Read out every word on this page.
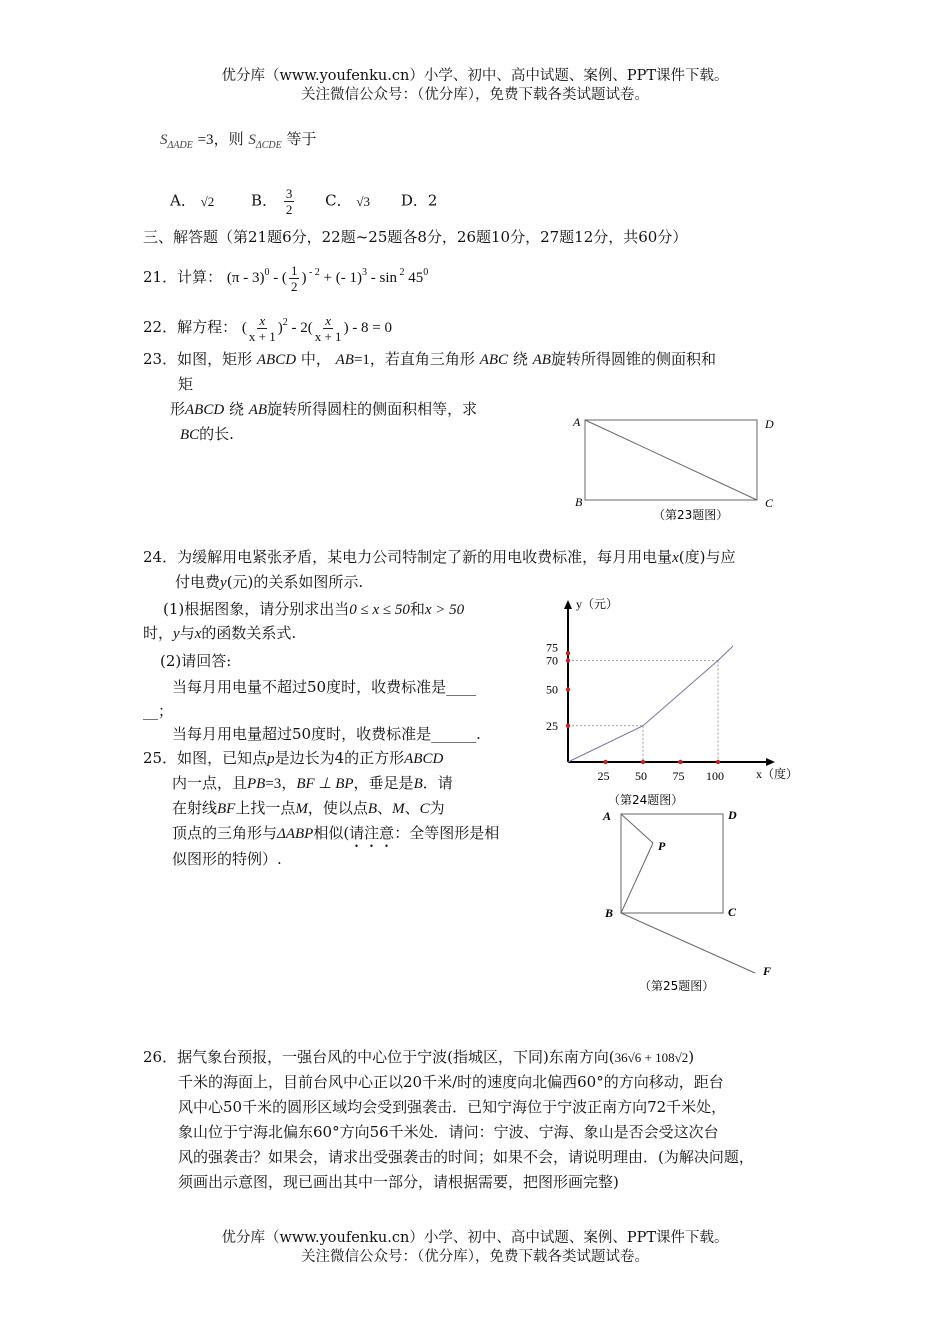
优分库（www.youfenku.cn）小学、初中、高中试题、案例、PPT课件下载。
关注微信公众号：（优分库），免费下载各类试题试卷。
$S_{\Delta ADE} =3$，则 $S_{\Delta CDE}$ 等于
A． √2 B． $\frac{3}{2}$ C． √3 D．2
三、解答题（第21题6分，22题~25题各8分，26题10分，27题12分，共60分）
21．计算： (π - 3)$^0$ - ( $\frac{1}{2}$ ) $^{- 2}$ + (- 1)$^3$ - sin $^2$ $45^0$
22．解方程： ( $\frac{x}{x + 1} )^2 - 2( \frac{x}{x + 1}$ ) - 8 = 0
23．如图，矩形 ABCD 中， AB=1，若直角三角形 ABC 绕 AB旋转所得圆锥的侧面积和
矩
形ABCD 绕 AB旋转所得圆柱的侧面积相等，求
BC的长.
A	D
B	C
（第23题图）
24．为缓解用电紧张矛盾，某电力公司特制定了新的用电收费标准，每月用电量x(度)与应
付电费y(元)的关系如图所示.
(1)根据图象，请分别求出当0 ≤ x ≤ 50和x > 50
时，y与x的函数关系式.
(2)请回答:
当每月用电量不超过50度时，收费标准是____
__；
当每月用电量超过50度时，收费标准是______.
25 50 75 100
25
50
70
75
x（度）
y（元）
（第24题图）
25．如图，已知点p是边长为4的正方形ABCD
内一点，且PB=3，BF ⊥ BP，垂足是B．请
在射线BF上找一点M，使以点B、M、C为
顶点的三角形与ΔABP相似(请注意：全等图形是相
似图形的特例）.
A	D
P
B	C
F
（第25题图）
26．据气象台预报，一强台风的中心位于宁波(指城区，下同)东南方向(36√6 + 108√2)
千米的海面上，目前台风中心正以20千米/时的速度向北偏西60°的方向移动，距台
风中心50千米的圆形区域均会受到强袭击．已知宁海位于宁波正南方向72千米处，
象山位于宁海北偏东60°方向56千米处．请问：宁波、宁海、象山是否会受这次台
风的强袭击？如果会，请求出受强袭击的时间；如果不会，请说明理由．(为解决问题，
须画出示意图，现已画出其中一部分，请根据需要，把图形画完整)
优分库（www.youfenku.cn）小学、初中、高中试题、案例、PPT课件下载。
关注微信公众号：（优分库），免费下载各类试题试卷。
